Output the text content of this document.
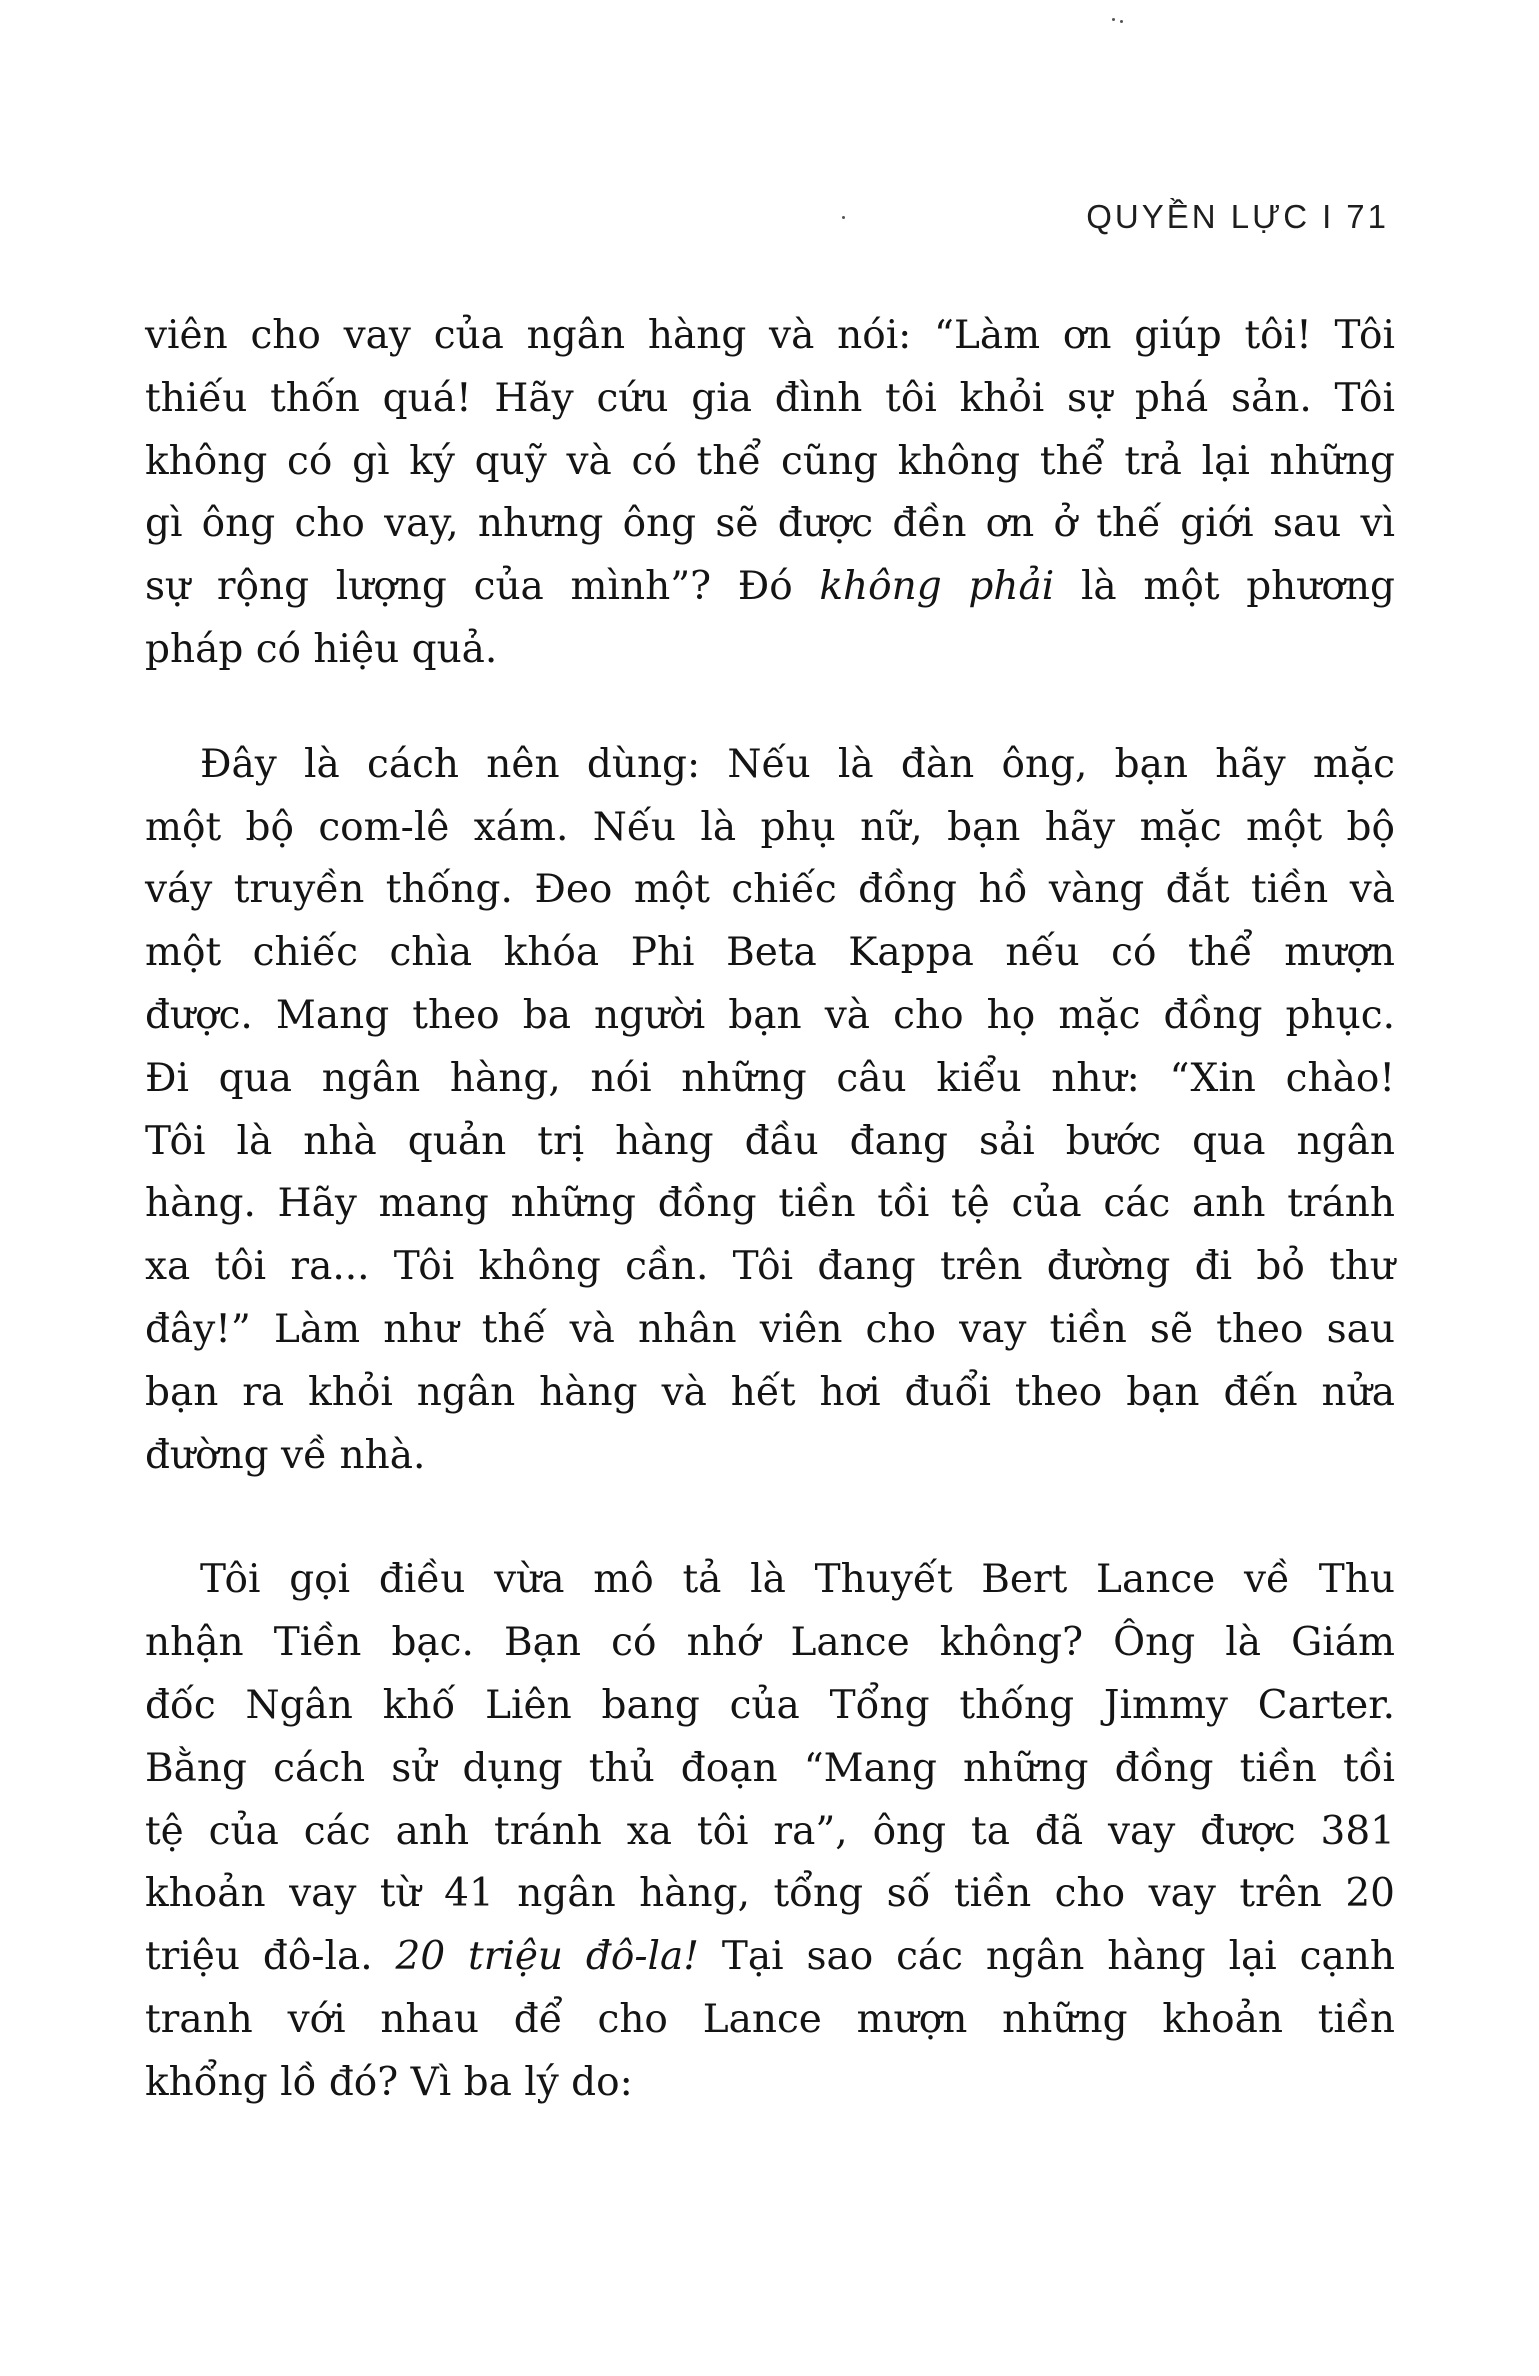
QUYỀN LỰC I 71
viên cho vay của ngân hàng và nói: “Làm ơn giúp tôi! Tôi
thiếu thốn quá! Hãy cứu gia đình tôi khỏi sự phá sản. Tôi
không có gì ký quỹ và có thể cũng không thể trả lại những
gì ông cho vay, nhưng ông sẽ được đền ơn ở thế giới sau vì
sự rộng lượng của mình”? Đó không phải là một phương
pháp có hiệu quả.
Đây là cách nên dùng: Nếu là đàn ông, bạn hãy mặc
một bộ com-lê xám. Nếu là phụ nữ, bạn hãy mặc một bộ
váy truyền thống. Đeo một chiếc đồng hồ vàng đắt tiền và
một chiếc chìa khóa Phi Beta Kappa nếu có thể mượn
được. Mang theo ba người bạn và cho họ mặc đồng phục.
Đi qua ngân hàng, nói những câu kiểu như: “Xin chào!
Tôi là nhà quản trị hàng đầu đang sải bước qua ngân
hàng. Hãy mang những đồng tiền tồi tệ của các anh tránh
xa tôi ra... Tôi không cần. Tôi đang trên đường đi bỏ thư
đây!” Làm như thế và nhân viên cho vay tiền sẽ theo sau
bạn ra khỏi ngân hàng và hết hơi đuổi theo bạn đến nửa
đường về nhà.
Tôi gọi điều vừa mô tả là Thuyết Bert Lance về Thu
nhận Tiền bạc. Bạn có nhớ Lance không? Ông là Giám
đốc Ngân khố Liên bang của Tổng thống Jimmy Carter.
Bằng cách sử dụng thủ đoạn “Mang những đồng tiền tồi
tệ của các anh tránh xa tôi ra”, ông ta đã vay được 381
khoản vay từ 41 ngân hàng, tổng số tiền cho vay trên 20
triệu đô-la. 20 triệu đô-la! Tại sao các ngân hàng lại cạnh
tranh với nhau để cho Lance mượn những khoản tiền
khổng lồ đó? Vì ba lý do:
